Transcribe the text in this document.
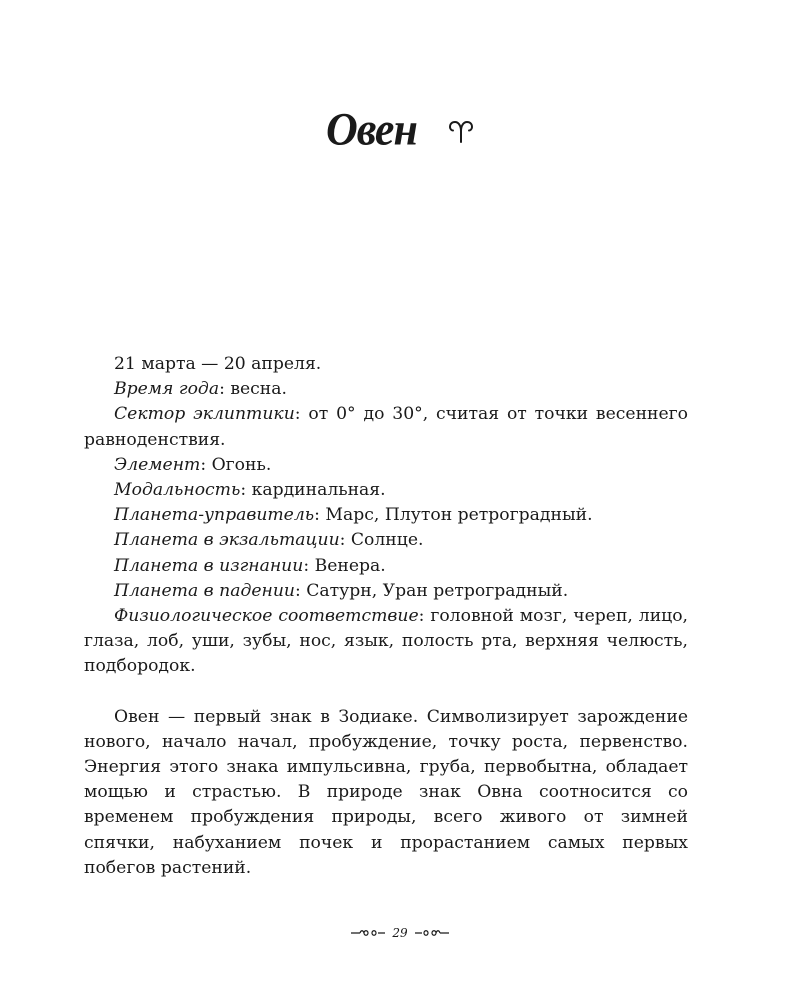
Овен

21 марта — 20 апреля.

Время года: весна.

Сектор эклиптики: от 0° до 30°, считая от точки весеннего равноденствия.

Элемент: Огонь.

Модальность: кардинальная.

Планета-управитель: Марс, Плутон ретроградный.

Планета в экзальтации: Солнце.

Планета в изгнании: Венера.

Планета в падении: Сатурн, Уран ретроградный.

Физиологическое соответствие: головной мозг, череп, лицо, глаза, лоб, уши, зубы, нос, язык, полость рта, верхняя челюсть, подбородок.

Овен — первый знак в Зодиаке. Символизирует зарождение нового, начало начал, пробуждение, точку роста, первенство. Энергия этого знака импульсивна, груба, первобытна, обладает мощью и страстью. В природе знак Овна соотносится со временем пробуждения природы, всего живого от зимней спячки, набуханием почек и прорастанием самых первых побегов растений.

29
